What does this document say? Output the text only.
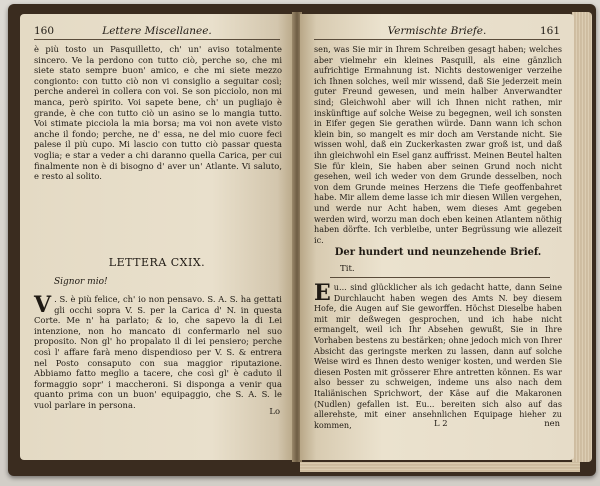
160	Lettere Miscellanee.
è più tosto un Pasquilletto, ch' un' aviso totalmente sincero. Ve la perdono con tutto ciò, perche so, che mi siete stato sempre buon' amico, e che mi siete mezzo congionto: con tutto ciò non vi consiglio a seguitar così; perche andereì in collera con voi. Se son picciolo, non mi manca, però spirito. Voi sapete bene, ch' un pugliajo è grande, è che con tutto ciò un asino se lo mangia tutto. Voi stimate picciola la mia borsa; ma voi non avete visto anche il fondo; perche, ne d' essa, ne del mio cuore feci palese il più cupo. Mi lascio con tutto ciò passar questa voglia; e star a veder a chi daranno quella Carica, per cui finalmente non è di bisogno d' aver un' Atlante. Vi saluto, e resto al solito.
LETTERA CXIX.
Signor mio!
V . S. è più felice, ch' io non pensavo. S. A. S. ha gettati gli occhi sopra V. S. per la Carica d' N. in questa Corte. Me n' ha parlato; & io, che sapevo la di Lei intenzione, non ho mancato di confermarlo nel suo proposito. Non gl' ho propalato il di lei pensiero; perche così l' affare farà meno dispendioso per V. S. & entrera nel Posto consaputo con sua maggior riputazione. Abbiamo fatto meglio a tacere, che così gl' è caduto il formaggio sopr' i maccheroni. Si disponga a venir qua quanto prima con un buon' equipaggio, che S. A. S. le vuol parlare in persona.
Lo
Vermischte Briefe.	161
sen, was Sie mir in Ihrem Schreiben gesagt haben; welches aber vielmehr ein kleines Pasquill, als eine gänzlich aufrichtige Ermahnung ist. Nichts destoweniger verzeihe ich Ihnen solches, weil mir wissend, daß Sie jederzeit mein guter Freund gewesen, und mein halber Anverwandter sind; Gleichwohl aber will ich Ihnen nicht rathen, mir inskünftige auf solche Weise zu begegnen, weil ich sonsten in Eifer gegen Sie gerathen würde. Dann wann ich schon klein bin, so mangelt es mir doch am Verstande nicht. Sie wissen wohl, daß ein Zuckerkasten zwar groß ist, und daß ihn gleichwohl ein Esel ganz auffrisst. Meinen Beutel halten Sie für klein, Sie haben aber seinen Grund noch nicht gesehen, weil ich weder von dem Grunde desselben, noch von dem Grunde meines Herzens die Tiefe geoffenbahret habe. Mir allem deme lasse ich mir diesen Willen vergehen, und werde nur Acht haben, wem dieses Amt gegeben werden wird, worzu man doch eben keinen Atlantem nöthig haben dörfte. Ich verbleibe, unter Begrüssung wie allezeit ic.
Der hundert und neunzehende Brief.
Tit.
Eu... sind glücklicher als ich gedacht hatte, dann Seine Durchlaucht haben wegen des Amts N. bey diesem Hofe, die Augen auf Sie geworffen. Höchst Dieselbe haben mit mir deßwegen gesprochen, und ich habe nicht ermangelt, weil ich Ihr Absehen gewußt, Sie in Ihre Vorhaben bestens zu bestärken; ohne jedoch mich von Ihrer Absicht das geringste merken zu lassen, dann auf solche Weise wird es Ihnen desto weniger kosten, und werden Sie diesen Posten mit grösserer Ehre antretten können. Es war also besser zu schweigen, indeme uns also nach dem Italiänischen Sprichwort, der Käse auf die Makaronen (Nudlen) gefallen ist. Eu... bereiten sich also auf das allerehste, mit einer ansehnlichen Equipage hieher zu kommen,	L 2	nen
